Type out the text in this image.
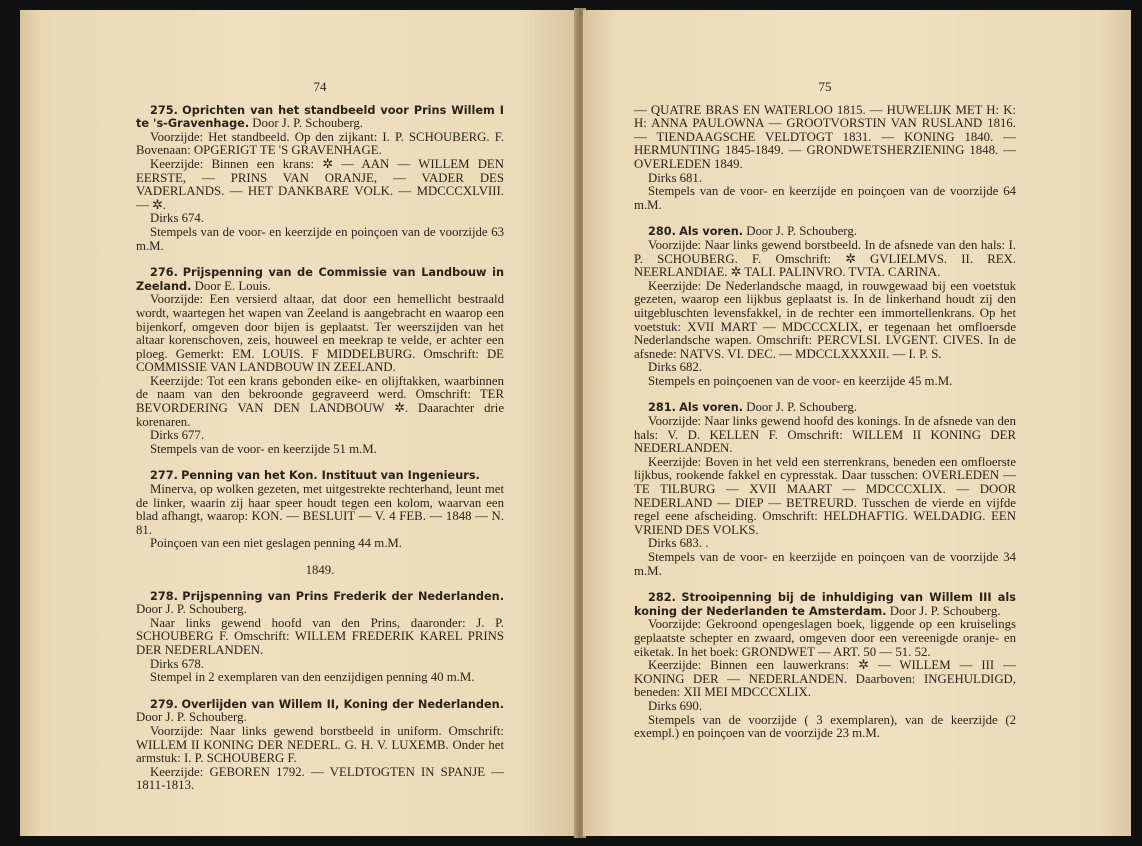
74

275. Oprichten van het standbeeld voor Prins Willem I te 's-Gravenhage. Door J. P. Schouberg.

Voorzijde: Het standbeeld. Op den zijkant: I. P. SCHOUBERG. F. Bovenaan: OPGERIGT TE 'S GRAVENHAGE.

Keerzijde: Binnen een krans: ✲ — AAN — WILLEM DEN EERSTE, — PRINS VAN ORANJE, — VADER DES VADERLANDS. — HET DANKBARE VOLK. — MDCCCXLVIII. — ✲.

Dirks 674.

Stempels van de voor- en keerzijde en poinçoen van de voorzijde 63 m.M.

276. Prijspenning van de Commissie van Landbouw in Zeeland. Door E. Louis.

Voorzijde: Een versierd altaar, dat door een hemellicht bestraald wordt, waartegen het wapen van Zeeland is aangebracht en waarop een bijenkorf, omgeven door bijen is geplaatst. Ter weerszijden van het altaar korenschoven, zeis, houweel en meekrap te velde, er achter een ploeg. Gemerkt: EM. LOUIS. F MIDDELBURG. Omschrift: DE COMMISSIE VAN LANDBOUW IN ZEELAND.

Keerzijde: Tot een krans gebonden eike- en olijftakken, waarbinnen de naam van den bekroonde gegraveerd werd. Omschrift: TER BEVORDERING VAN DEN LANDBOUW ✲. Daarachter drie korenaren.

Dirks 677.

Stempels van de voor- en keerzijde 51 m.M.

277. Penning van het Kon. Instituut van Ingenieurs.

Minerva, op wolken gezeten, met uitgestrekte rechterhand, leunt met de linker, waarin zij haar speer houdt tegen een kolom, waarvan een blad afhangt, waarop: KON. — BESLUIT — V. 4 FEB. — 1848 — N. 81.

Poinçoen van een niet geslagen penning 44 m.M.

1849.

278. Prijspenning van Prins Frederik der Nederlanden. Door J. P. Schouberg.

Naar links gewend hoofd van den Prins, daaronder: J. P. SCHOUBERG F. Omschrift: WILLEM FREDERIK KAREL PRINS DER NEDERLANDEN.

Dirks 678.

Stempel in 2 exemplaren van den eenzijdigen penning 40 m.M.

279. Overlijden van Willem II, Koning der Nederlanden. Door J. P. Schouberg.

Voorzijde: Naar links gewend borstbeeld in uniform. Omschrift: WILLEM II KONING DER NEDERL. G. H. V. LUXEMB. Onder het armstuk: I. P. SCHOUBERG F.

Keerzijde: GEBOREN 1792. — VELDTOGTEN IN SPANJE — 1811-1813.

75

— QUATRE BRAS EN WATERLOO 1815. — HUWELIJK MET H: K: H: ANNA PAULOWNA — GROOTVORSTIN VAN RUSLAND 1816. — TIENDAAGSCHE VELDTOGT 1831. — KONING 1840. — HERMUNTING 1845-1849. — GRONDWETSHERZIENING 1848. — OVERLEDEN 1849.

Dirks 681.

Stempels van de voor- en keerzijde en poinçoen van de voorzijde 64 m.M.

280. Als voren. Door J. P. Schouberg.

Voorzijde: Naar links gewend borstbeeld. In de afsnede van den hals: I. P. SCHOUBERG. F. Omschrift: ✲ GVLIELMVS. II. REX. NEERLANDIAE. ✲ TALI. PALINVRO. TVTA. CARINA.

Keerzijde: De Nederlandsche maagd, in rouwgewaad bij een voetstuk gezeten, waarop een lijkbus geplaatst is. In de linkerhand houdt zij den uitgebluschten levensfakkel, in de rechter een immortellenkrans. Op het voetstuk: XVII MART — MDCCCXLIX, er tegenaan het omfloersde Nederlandsche wapen. Omschrift: PERCVLSI. LVGENT. CIVES. In de afsnede: NATVS. VI. DEC. — MDCCLXXXXII. — I. P. S.

Dirks 682.

Stempels en poinçoenen van de voor- en keerzijde 45 m.M.

281. Als voren. Door J. P. Schouberg.

Voorzijde: Naar links gewend hoofd des konings. In de afsnede van den hals: V. D. KELLEN F. Omschrift: WILLEM II KONING DER NEDERLANDEN.

Keerzijde: Boven in het veld een sterrenkrans, beneden een omfloerste lijkbus, rookende fakkel en cypresstak. Daar tusschen: OVERLEDEN — TE TILBURG — XVII MAART — MDCCCXLIX. — DOOR NEDERLAND — DIEP — BETREURD. Tusschen de vierde en vijfde regel eene afscheiding. Omschrift: HELDHAFTIG. WELDADIG. EEN VRIEND DES VOLKS.

Dirks 683. .

Stempels van de voor- en keerzijde en poinçoen van de voorzijde 34 m.M.

282. Strooipenning bij de inhuldiging van Willem III als koning der Nederlanden te Amsterdam. Door J. P. Schouberg.

Voorzijde: Gekroond opengeslagen boek, liggende op een kruiselings geplaatste schepter en zwaard, omgeven door een vereenigde oranje- en eiketak. In het boek: GRONDWET — ART. 50 — 51. 52.

Keerzijde: Binnen een lauwerkrans: ✲ — WILLEM — III — KONING DER — NEDERLANDEN. Daarboven: INGEHULDIGD, beneden: XII MEI MDCCCXLIX.

Dirks 690.

Stempels van de voorzijde ( 3 exemplaren), van de keerzijde (2 exempl.) en poinçoen van de voorzijde 23 m.M.
